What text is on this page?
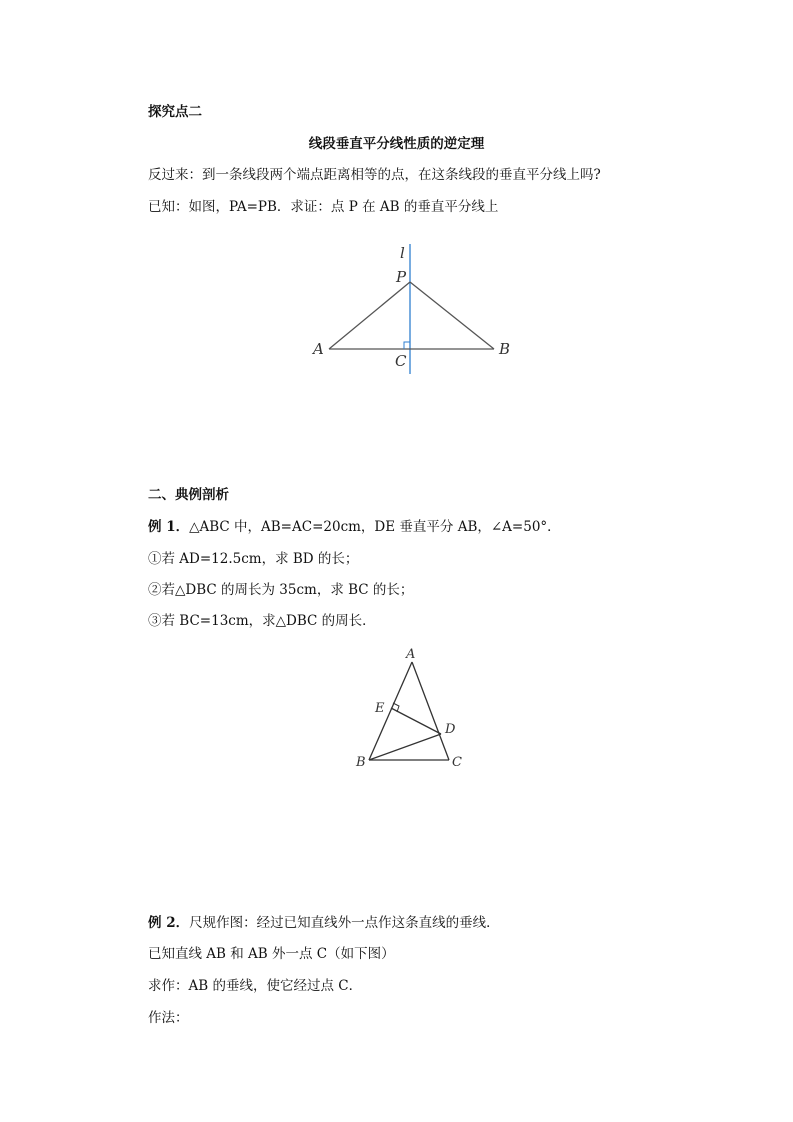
探究点二
线段垂直平分线性质的逆定理
反过来：到一条线段两个端点距离相等的点，在这条线段的垂直平分线上吗?
已知：如图，PA=PB．求证：点 P 在 AB 的垂直平分线上
l
P
A	B
C
二、典例剖析
例 1．△ABC 中，AB=AC=20cm，DE 垂直平分 AB，∠A=50°．
①若 AD=12.5cm，求 BD 的长；
②若△DBC 的周长为 35cm，求 BC 的长；
③若 BC=13cm，求△DBC 的周长．
A
E
D
B	C
例 2．尺规作图：经过已知直线外一点作这条直线的垂线．
已知直线 AB 和 AB 外一点 C（如下图）
求作：AB 的垂线，使它经过点 C．
作法：
